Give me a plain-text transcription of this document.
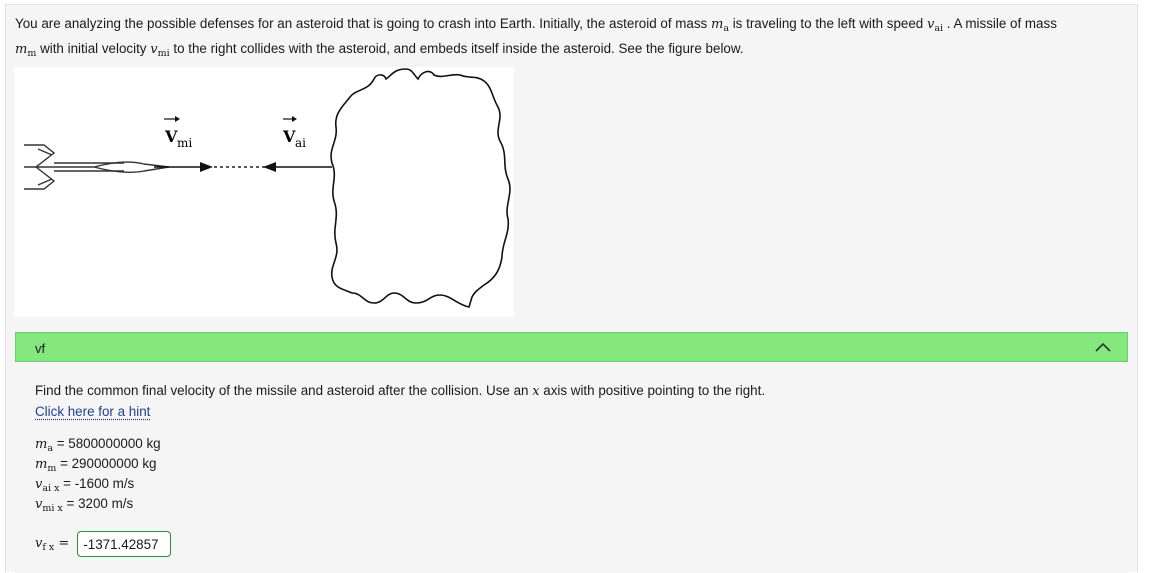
You are analyzing the possible defenses for an asteroid that is going to crash into Earth. Initially, the asteroid of mass $m_a$ is traveling to the left with speed $v_{ai}$ . A missile of mass
$m_m$ with initial velocity $v_{mi}$ to the right collides with the asteroid, and embeds itself inside the asteroid. See the figure below.
V mi	V ai
vf
Find the common final velocity of the missile and asteroid after the collision. Use an x axis with positive pointing to the right.
Click here for a hint
$m_a = 5800000000$ kg
$m_m = 290000000$ kg
$v_{ai x} = -1600$ m/s
$v_{mi x} = 3200$ m/s
$v_{f x}$ =
-1371.42857
